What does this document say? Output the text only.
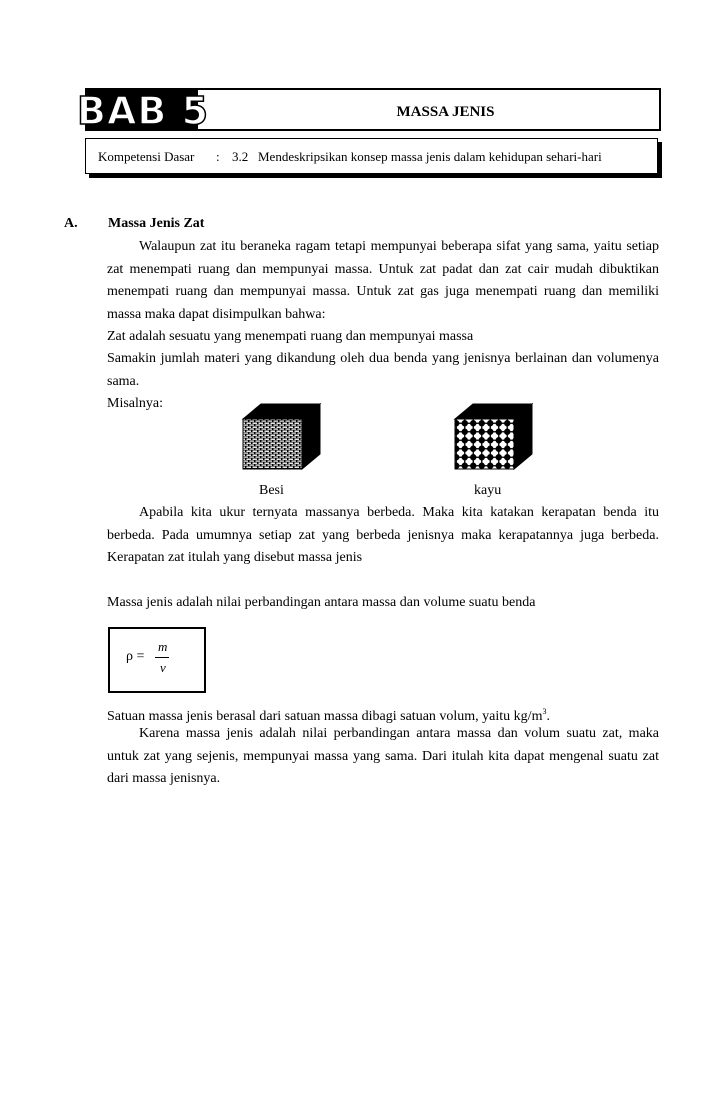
BAB 5	MASSA JENIS
Kompetensi Dasar : 3.2 Mendeskripsikan konsep massa jenis dalam kehidupan sehari-hari
A. Massa Jenis Zat
Walaupun zat itu beraneka ragam tetapi mempunyai beberapa sifat yang sama, yaitu setiap zat menempati ruang dan mempunyai massa. Untuk zat padat dan zat cair mudah dibuktikan menempati ruang dan mempunyai massa. Untuk zat gas juga menempati ruang dan memiliki massa maka dapat disimpulkan bahwa:
Zat adalah sesuatu yang menempati ruang dan mempunyai massa
Samakin jumlah materi yang dikandung oleh dua benda yang jenisnya berlainan dan volumenya sama.
Misalnya:
Besi	kayu
Apabila kita ukur ternyata massanya berbeda. Maka kita katakan kerapatan benda itu berbeda. Pada umumnya setiap zat yang berbeda jenisnya maka kerapatannya juga berbeda. Kerapatan zat itulah yang disebut massa jenis
Massa jenis adalah nilai perbandingan antara massa dan volume suatu benda
ρ =
m
v
Satuan massa jenis berasal dari satuan massa dibagi satuan volum, yaitu $kg/m^3$.
Karena massa jenis adalah nilai perbandingan antara massa dan volum suatu zat, maka untuk zat yang sejenis, mempunyai massa yang sama. Dari itulah kita dapat mengenal suatu zat dari massa jenisnya.
